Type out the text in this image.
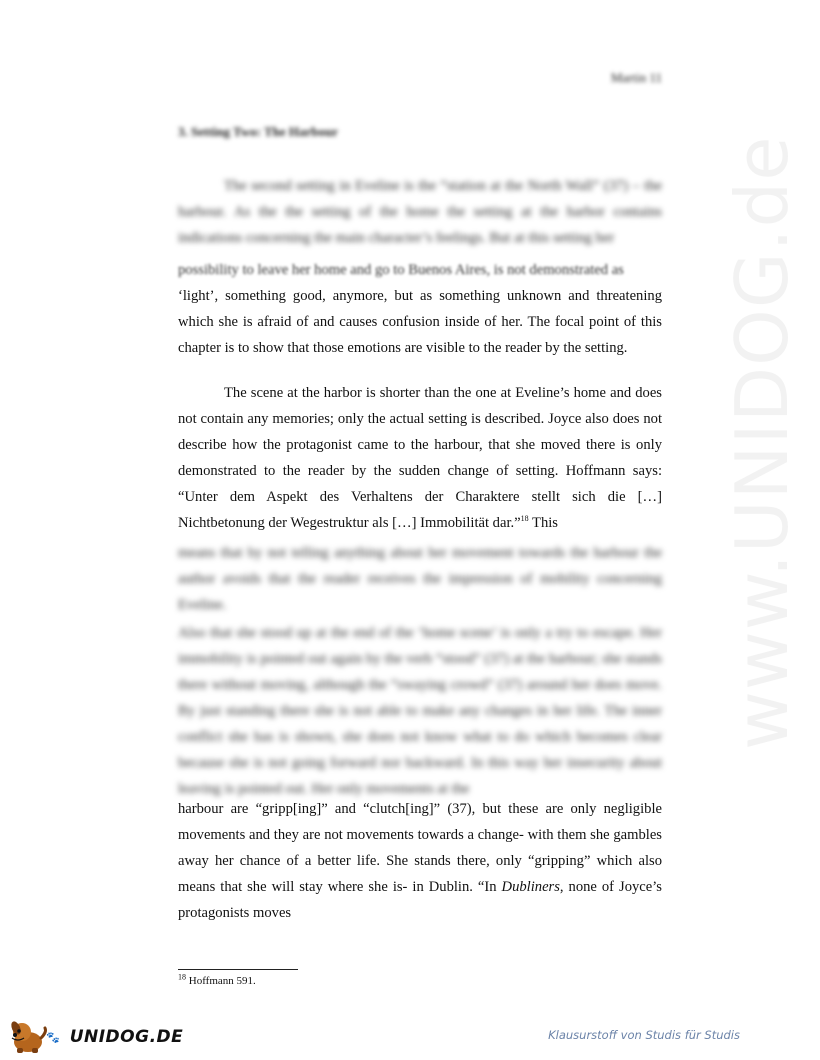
www.UNIDOG.de
Martin 11
3. Setting Two: The Harbour

The second setting in Eveline is the “station at the North Wall” (37) – the harbour. As the the setting of the home the setting at the harbor contains indications concerning the main character’s feelings. But at this setting her

possibility to leave her home and go to Buenos Aires, is not demonstrated as

‘light’, something good, anymore, but as something unknown and threatening which she is afraid of and causes confusion inside of her. The focal point of this chapter is to show that those emotions are visible to the reader by the setting.

The scene at the harbor is shorter than the one at Eveline’s home and does not contain any memories; only the actual setting is described. Joyce also does not describe how the protagonist came to the harbour, that she moved there is only demonstrated to the reader by the sudden change of setting. Hoffmann says: “Unter dem Aspekt des Verhaltens der Charaktere stellt sich die […] Nichtbetonung der Wegestruktur als […] Immobilität dar.”$^{18}$ This

means that by not telling anything about her movement towards the harbour the author avoids that the reader receives the impression of mobility concerning Eveline.

Also that she stood up at the end of the ‘home scene’ is only a try to escape. Her immobility is pointed out again by the verb “stood” (37) at the harbour; she stands there without moving, although the “swaying crowd” (37) around her does move. By just standing there she is not able to make any changes in her life. The inner conflict she has is shown, she does not know what to do which becomes clear because she is not going forward nor backward. In this way her insecurity about leaving is pointed out. Her only movements at the

harbour are “gripp[ing]” and “clutch[ing]” (37), but these are only negligible movements and they are not movements towards a change- with them she gambles away her chance of a better life. She stands there, only “gripping” which also means that she will stay where she is- in Dublin. “In Dubliners, none of Joyce’s protagonists moves

$^{18}$ Hoffmann 591.
🐾 UNIDOG.DE	Klausurstoff von Studis für Studis
